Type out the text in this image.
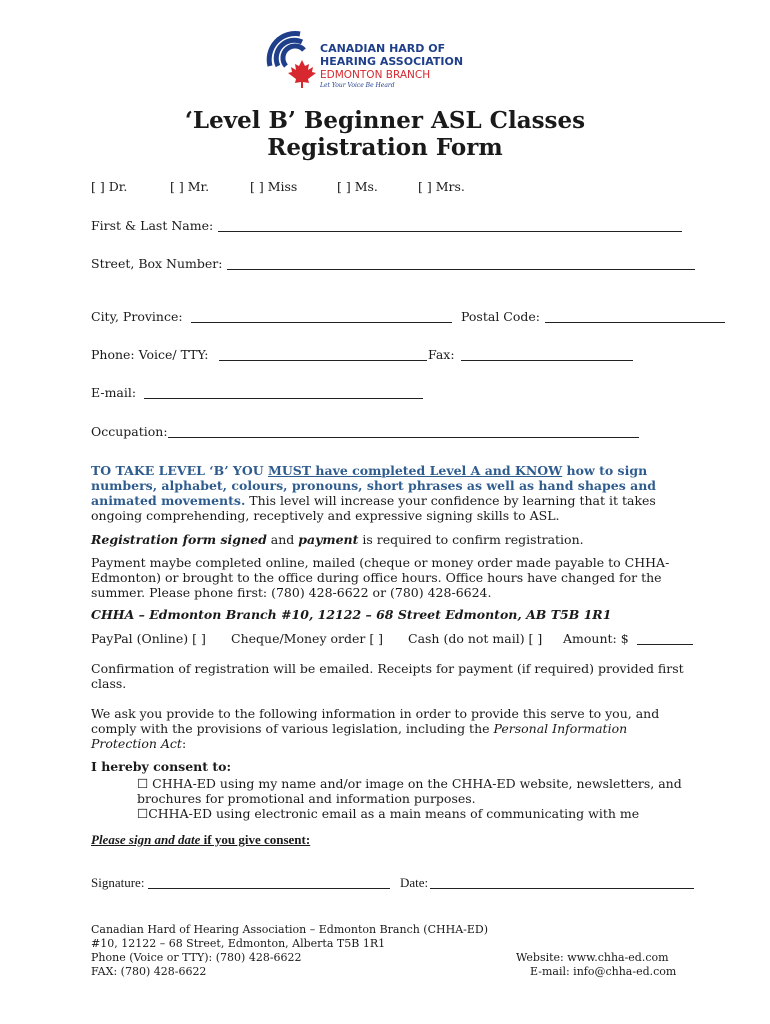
CANADIAN HARD OF
HEARING ASSOCIATION
EDMONTON BRANCH
Let Your Voice Be Heard
‘Level B’ Beginner ASL Classes
Registration Form
[ ] Dr.	[ ] Mr.	[ ] Miss	[ ] Ms.	[ ] Mrs.
First & Last Name:
Street, Box Number:
City, Province:	Postal Code:
Phone: Voice/ TTY:	Fax:
E-mail:
Occupation:
TO TAKE LEVEL ‘B’ YOU MUST have completed Level A and KNOW how to sign numbers, alphabet, colours, pronouns, short phrases as well as hand shapes and animated movements. This level will increase your confidence by learning that it takes ongoing comprehending, receptively and expressive signing skills to ASL.
Registration form signed and payment is required to confirm registration.
Payment maybe completed online, mailed (cheque or money order made payable to CHHA-Edmonton) or brought to the office during office hours. Office hours have changed for the summer. Please phone first: (780) 428-6622 or (780) 428-6624.
CHHA – Edmonton Branch #10, 12122 – 68 Street Edmonton, AB T5B 1R1
PayPal (Online) [ ] Cheque/Money order [ ] Cash (do not mail) [ ] Amount: $
Confirmation of registration will be emailed. Receipts for payment (if required) provided first class.
We ask you provide to the following information in order to provide this serve to you, and comply with the provisions of various legislation, including the Personal Information Protection Act:
I hereby consent to:
☐ CHHA-ED using my name and/or image on the CHHA-ED website, newsletters, and
brochures for promotional and information purposes.
☐CHHA-ED using electronic email as a main means of communicating with me
Please sign and date if you give consent:
Signature:	Date:
Canadian Hard of Hearing Association – Edmonton Branch (CHHA-ED)
#10, 12122 – 68 Street, Edmonton, Alberta T5B 1R1
Phone (Voice or TTY): (780) 428-6622
FAX: (780) 428-6622
Website: www.chha-ed.com
E-mail: info@chha-ed.com
